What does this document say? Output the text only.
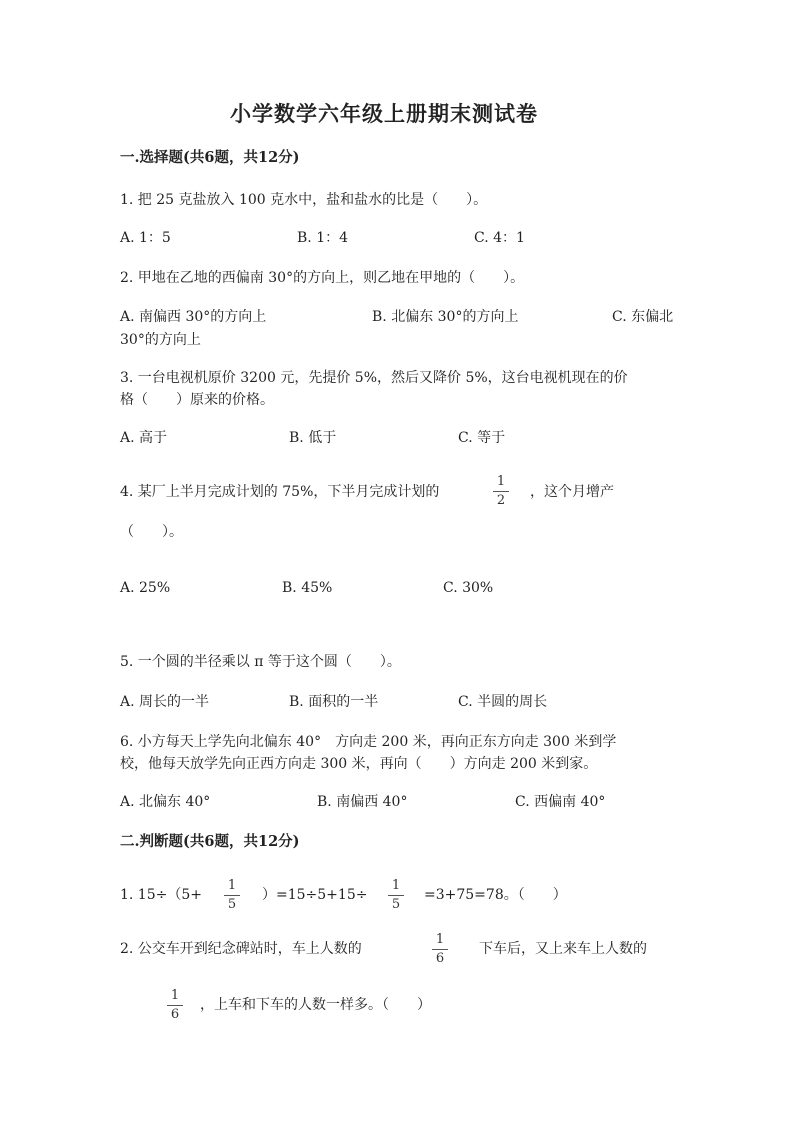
小学数学六年级上册期末测试卷
一.选择题(共6题，共12分)
1. 把 25 克盐放入 100 克水中，盐和盐水的比是（　　）。
A. 1：5	B. 1：4	C. 4：1
2. 甲地在乙地的西偏南 30°的方向上，则乙地在甲地的（　　）。
A. 南偏西 30°的方向上	B. 北偏东 30°的方向上	C. 东偏北
30°的方向上
3. 一台电视机原价 3200 元，先提价 5%，然后又降价 5%，这台电视机现在的价
格（　　）原来的价格。
A. 高于	B. 低于	C. 等于
4. 某厂上半月完成计划的 75%，下半月完成计划的
1
2
，这个月增产
（　　）。
A. 25%	B. 45%	C. 30%
5. 一个圆的半径乘以 π 等于这个圆（　　）。
A. 周长的一半	B. 面积的一半	C. 半圆的周长
6. 小方每天上学先向北偏东 40°　方向走 200 米，再向正东方向走 300 米到学
校，他每天放学先向正西方向走 300 米，再向（　　）方向走 200 米到家。
A. 北偏东 40°	B. 南偏西 40°	C. 西偏南 40°
二.判断题(共6题，共12分)
1. 15÷（5+
1
5
）=15÷5+15÷
1
5
=3+75=78。（　　）
2. 公交车开到纪念碑站时，车上人数的
1
6
下车后，又上来车上人数的
1
6
，上车和下车的人数一样多。（　　）
